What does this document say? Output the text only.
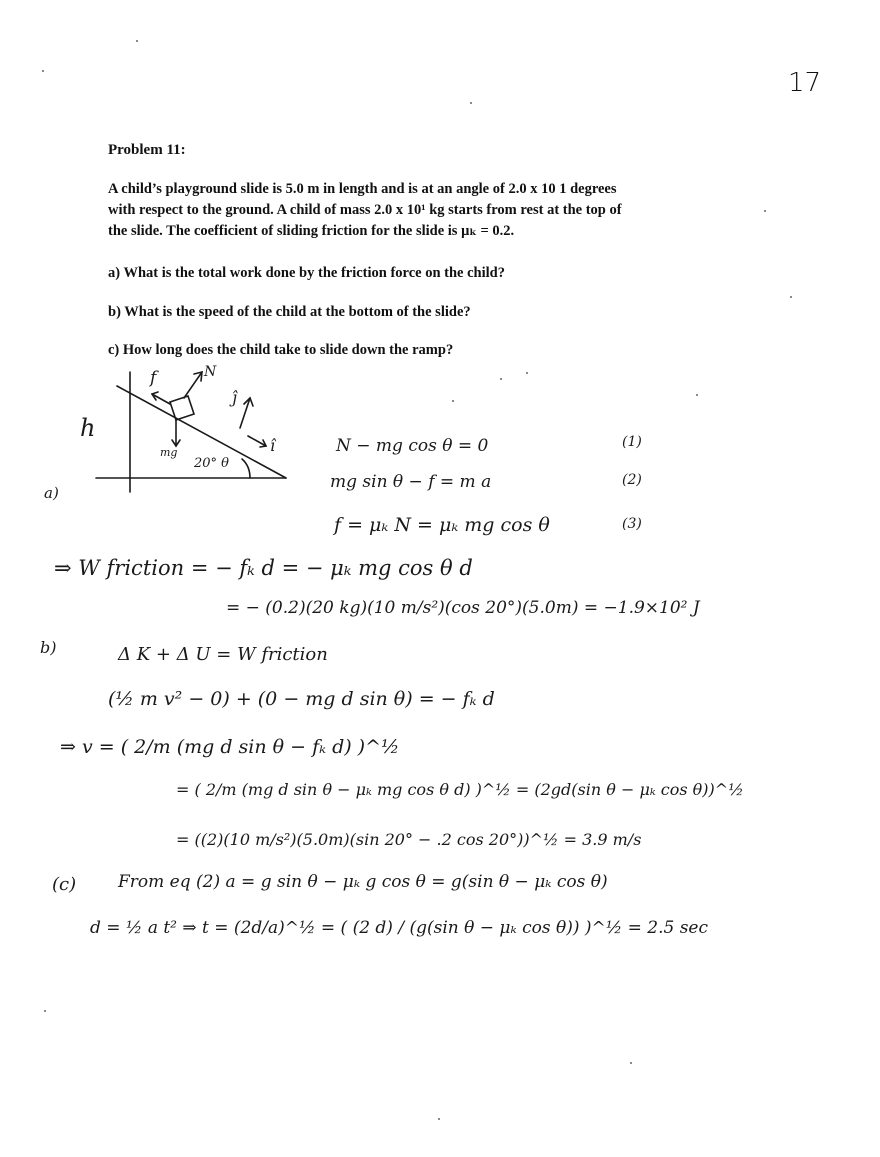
17
Problem 11:
A child’s playground slide is 5.0 m in length and is at an angle of 2.0 x 10 1 degrees
with respect to the ground. A child of mass 2.0 x 10¹ kg starts from rest at the top of
the slide. The coefficient of sliding friction for the slide is μₖ = 0.2.
a) What is the total work done by the friction force on the child?
b) What is the speed of the child at the bottom of the slide?
c) How long does the child take to slide down the ramp?
f	N
h
mg
20° θ
ĵ
î
a)
N − mg cos θ = 0	(1)
mg sin θ − f = m a	(2)
f = μₖ N = μₖ mg cos θ	(3)
⇒ W friction = − fₖ d = − μₖ mg cos θ d
= − (0.2)(20 kg)(10 m/s²)(cos 20°)(5.0m) = −1.9×10² J
b)	Δ K + Δ U = W friction
(½ m v² − 0) + (0 − mg d sin θ) = − fₖ d
⇒ v = ( 2/m (mg d sin θ − fₖ d) )^½
= ( 2/m (mg d sin θ − μₖ mg cos θ d) )^½ = (2gd(sin θ − μₖ cos θ))^½
= ((2)(10 m/s²)(5.0m)(sin 20° − .2 cos 20°))^½ = 3.9 m/s
(c) From eq (2) a = g sin θ − μₖ g cos θ = g(sin θ − μₖ cos θ)
d = ½ a t² ⇒ t = (2d/a)^½ = ( (2 d) / (g(sin θ − μₖ cos θ)) )^½ = 2.5 sec
